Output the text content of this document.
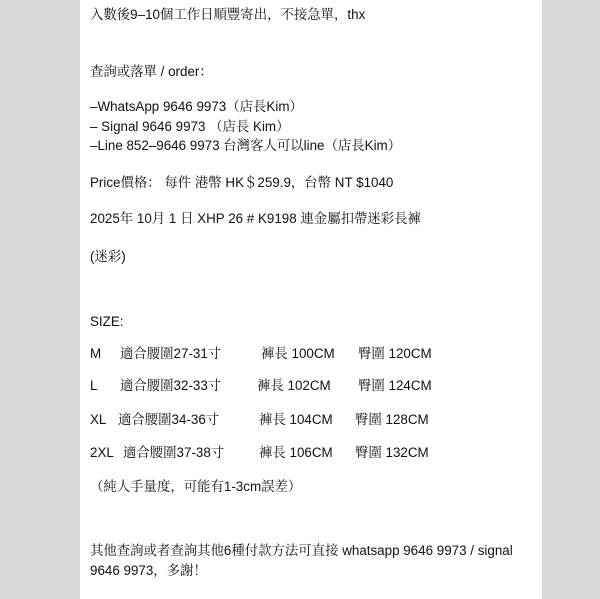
入數後9–10個工作日順豐寄出，不接急單，thx
查詢或落單 / order：
–WhatsApp 9646 9973（店長Kim）
– Signal 9646 9973 （店長 Kim）
–Line 852–9646 9973 台灣客人可以line（店長Kim）
Price價格： 每件 港幣 HK＄259.9，台幣 NT $1040
2025年 10月 1 日 XHP 26 # K9198 連金屬扣帶迷彩長褲
(迷彩)
SIZE:
M 適合腰圍27-31寸	褲長 100CM 臀圍 120CM
L 適合腰圍32-33寸	褲長 102CM 臀圍 124CM
XL 適合腰圍34-36寸	褲長 104CM 臀圍 128CM
2XL 適合腰圍37-38寸	褲長 106CM 臀圍 132CM
（純人手量度，可能有1-3cm誤差）
其他查詢或者查詢其他6種付款方法可直接 whatsapp 9646 9973 / signal
9646 9973，多謝！
